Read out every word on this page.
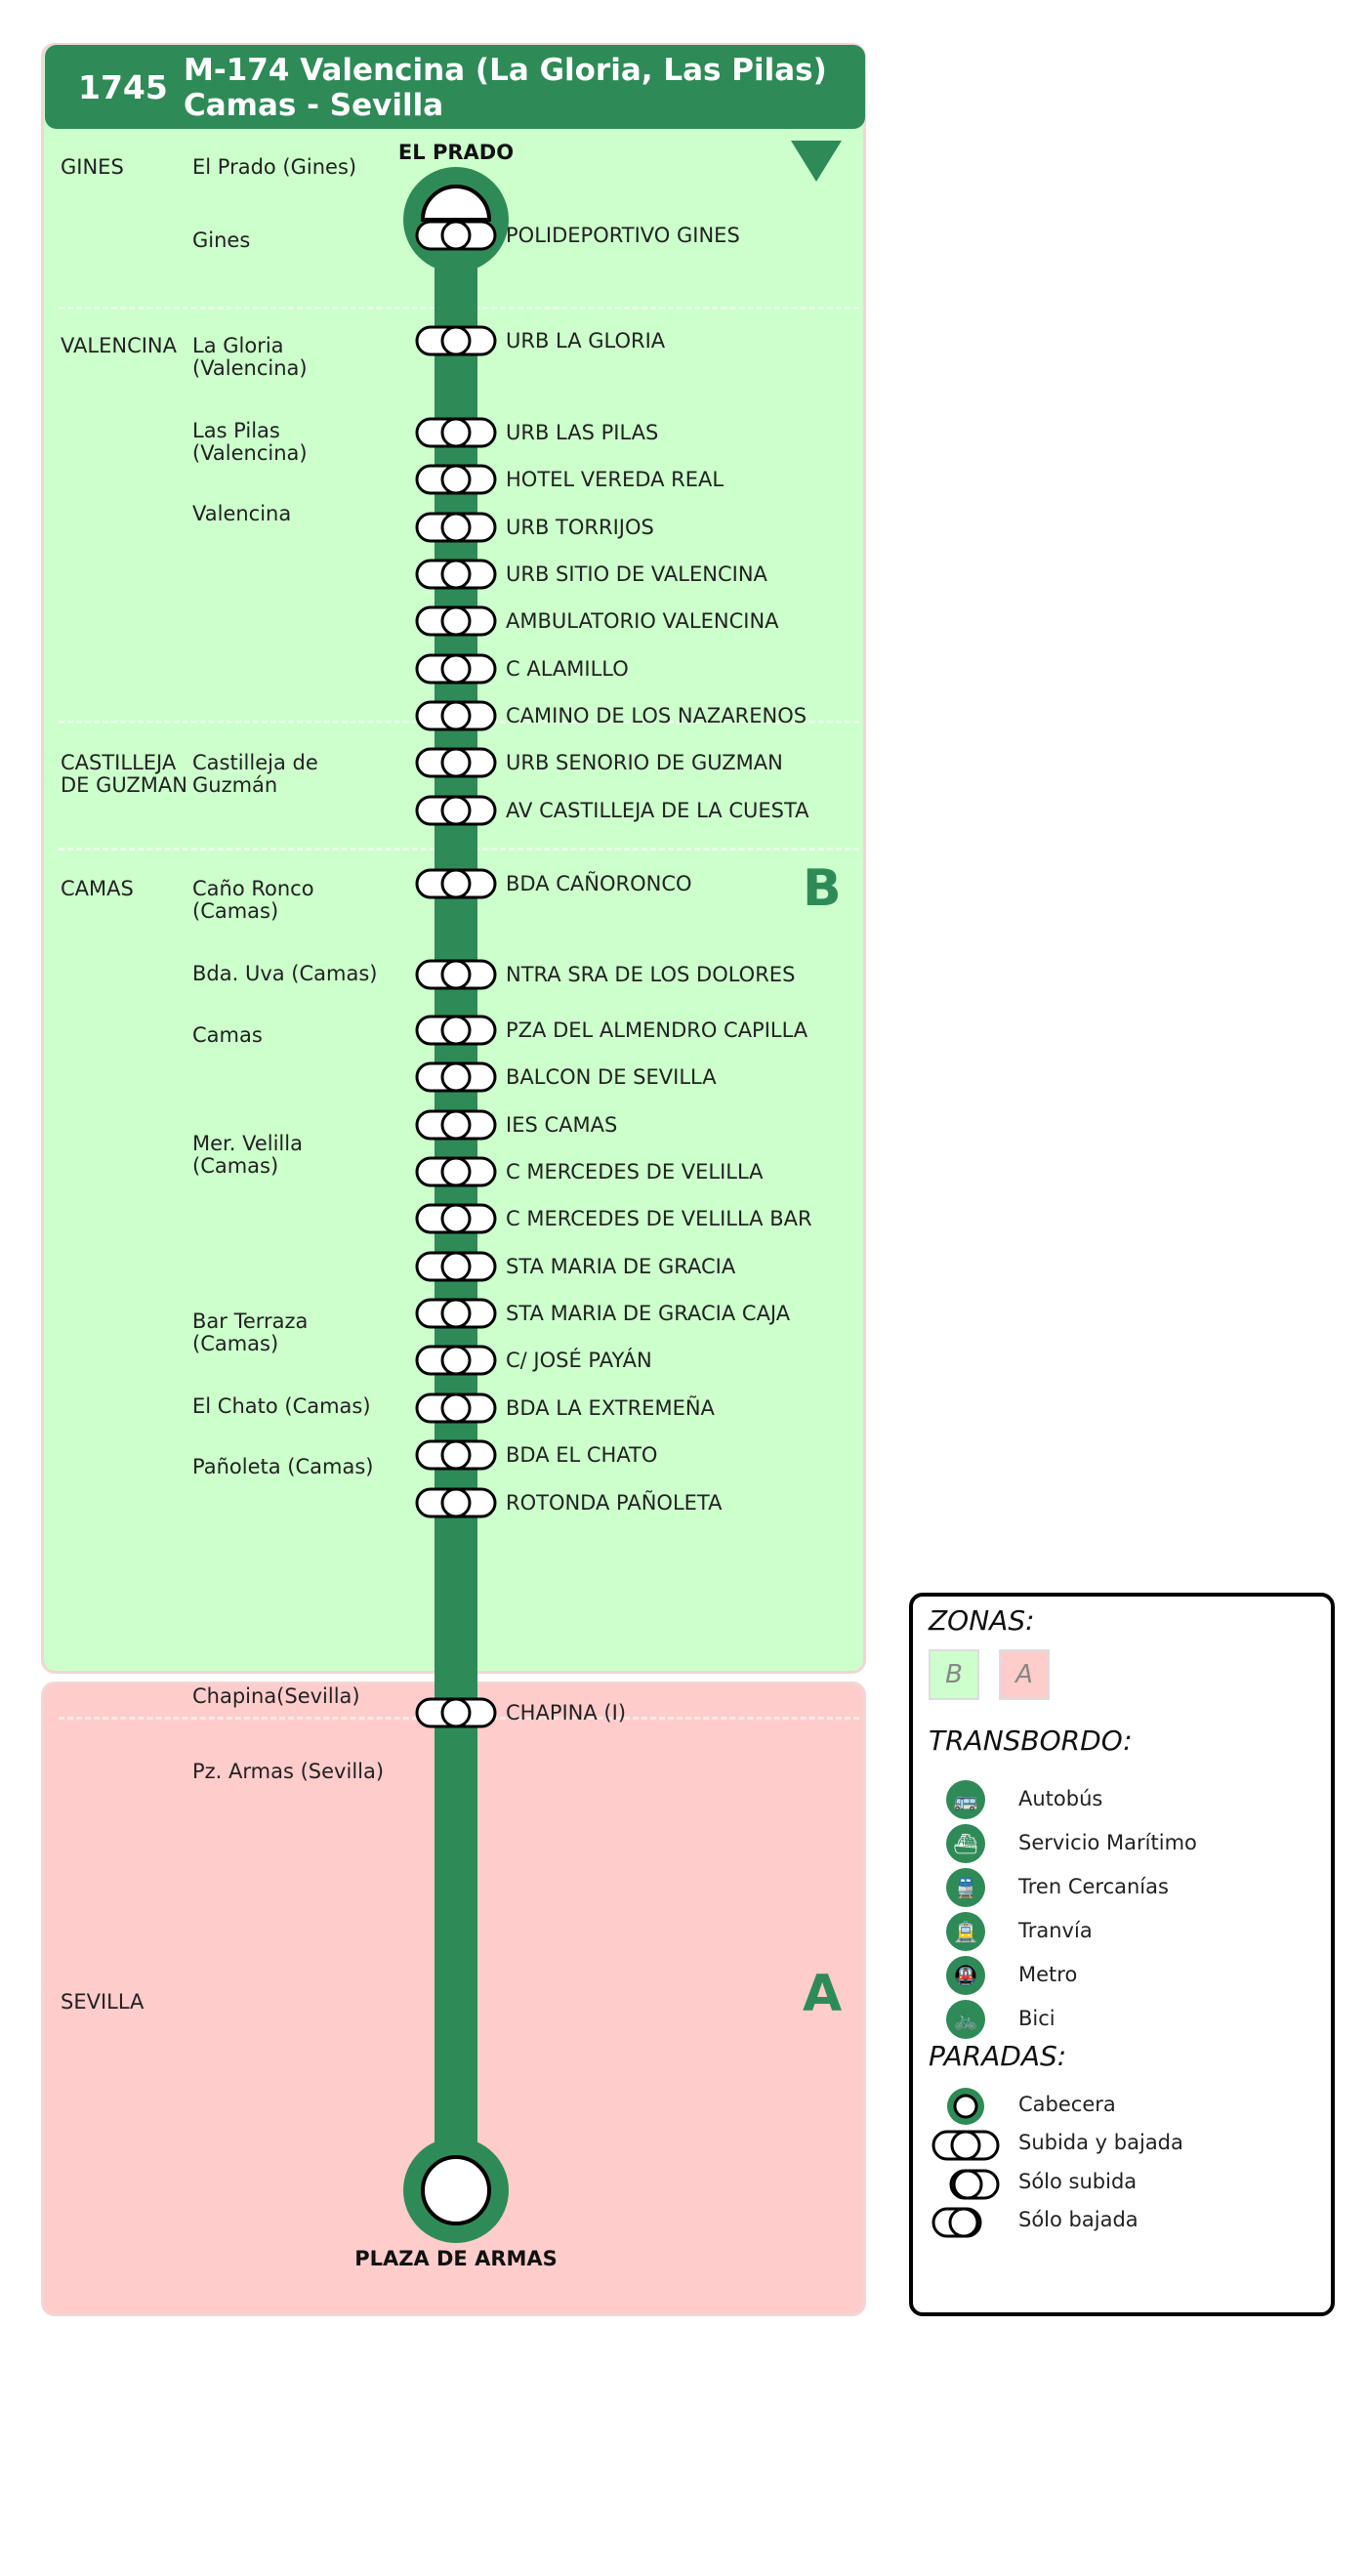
1745 M-174 Valencina (La Gloria, Las Pilas)
Camas - Sevilla
GINES
VALENCINA
CASTILLEJA DE GUZMAN
CAMAS
SEVILLA
El Prado (Gines)
Gines
La Gloria (Valencina)
Las Pilas (Valencina)
Valencina
Castilleja de Guzmán
Caño Ronco (Camas)
Bda. Uva (Camas)
Camas
Mer. Velilla (Camas)
Bar Terraza (Camas)
El Chato (Camas)
Pañoleta (Camas)
Chapina(Sevilla)
Pz. Armas (Sevilla)
EL PRADO
PLAZA DE ARMAS
POLIDEPORTIVO GINES
URB LA GLORIA
URB LAS PILAS
HOTEL VEREDA REAL
URB TORRIJOS
URB SITIO DE VALENCINA
AMBULATORIO VALENCINA
C ALAMILLO
CAMINO DE LOS NAZARENOS
URB SENORIO DE GUZMAN
AV CASTILLEJA DE LA CUESTA
BDA CAÑORONCO
NTRA SRA DE LOS DOLORES
PZA DEL ALMENDRO CAPILLA
BALCON DE SEVILLA
IES CAMAS
C MERCEDES DE VELILLA
C MERCEDES DE VELILLA BAR
STA MARIA DE GRACIA
STA MARIA DE GRACIA CAJA
C/ JOSÉ PAYÁN
BDA LA EXTREMEÑA
BDA EL CHATO
ROTONDA PAÑOLETA
CHAPINA (I)
B
A
ZONAS:
B A
TRANSBORDO:
🚌	Autobús
⛴	Servicio Marítimo
🚆	Tren Cercanías
🚊	Tranvía
🚇	Metro
🚲	Bici
PARADAS:
Cabecera
Subida y bajada
Sólo subida
Sólo bajada
